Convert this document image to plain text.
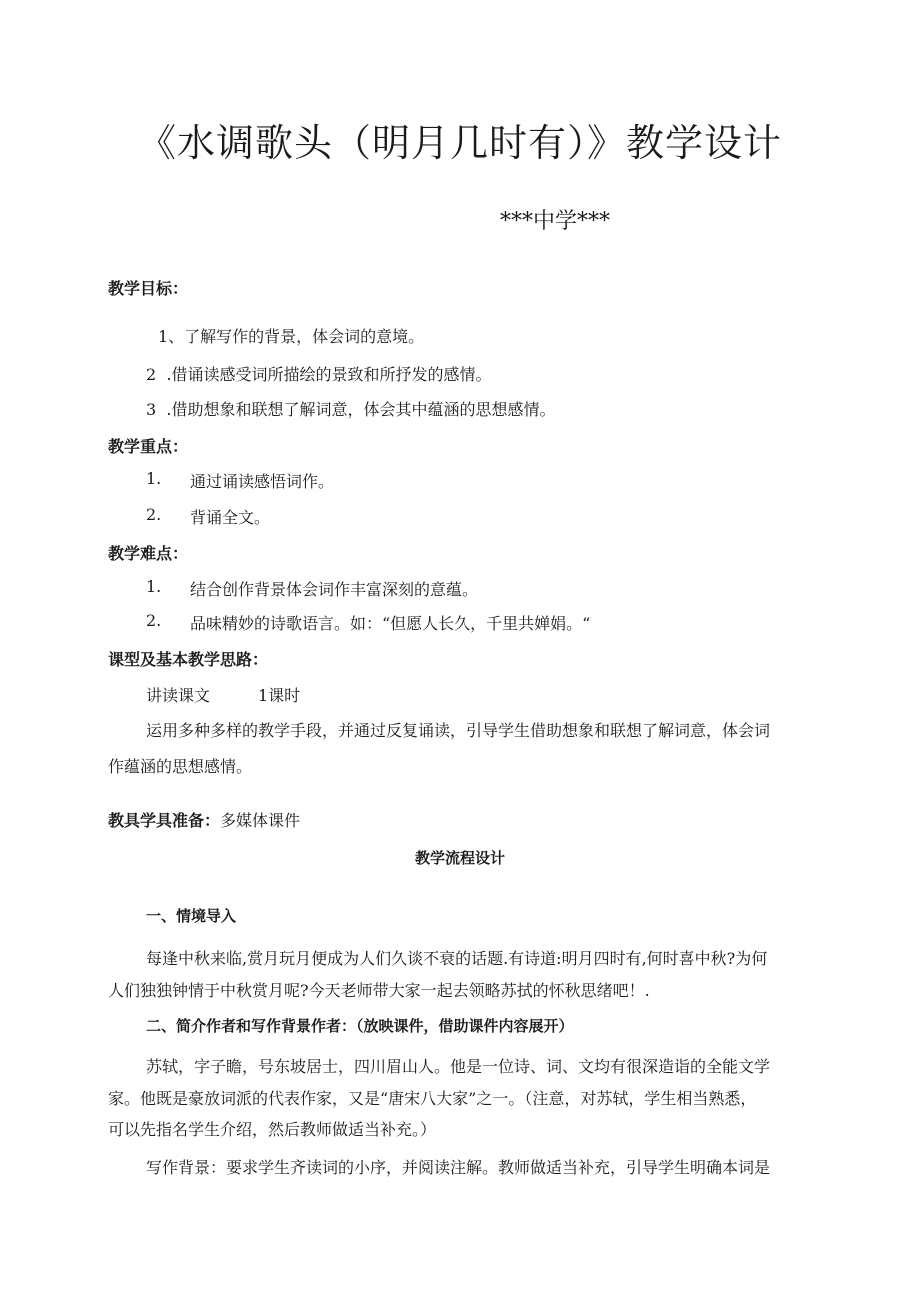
《水调歌头（明月几时有）》教学设计
***中学***
教学目标：
1、了解写作的背景，体会词的意境。
2  .借诵读感受词所描绘的景致和所抒发的感情。
3  .借助想象和联想了解词意，体会其中蕴涵的思想感情。
教学重点：
1. 通过诵读感悟词作。
2. 背诵全文。
教学难点：
1. 结合创作背景体会词作丰富深刻的意蕴。
2. 品味精妙的诗歌语言。如：“但愿人长久，千里共婵娟。“
课型及基本教学思路：
讲读课文	1课时
运用多种多样的教学手段，并通过反复诵读，引导学生借助想象和联想了解词意，体会词
作蕴涵的思想感情。
教具学具准备：多媒体课件
教学流程设计
一、情境导入
每逢中秋来临,赏月玩月便成为人们久谈不衰的话题.有诗道:明月四时有,何时喜中秋?为何
人们独独钟情于中秋赏月呢?今天老师带大家一起去领略苏拭的怀秋思绪吧！.
二、简介作者和写作背景作者：（放映课件，借助课件内容展开）
苏轼，字子瞻，号东坡居士，四川眉山人。他是一位诗、词、文均有很深造诣的全能文学
家。他既是豪放词派的代表作家，又是“唐宋八大家”之一。（注意，对苏轼，学生相当熟悉，
可以先指名学生介绍，然后教师做适当补充。）
写作背景：要求学生齐读词的小序，并阅读注解。教师做适当补充，引导学生明确本词是
